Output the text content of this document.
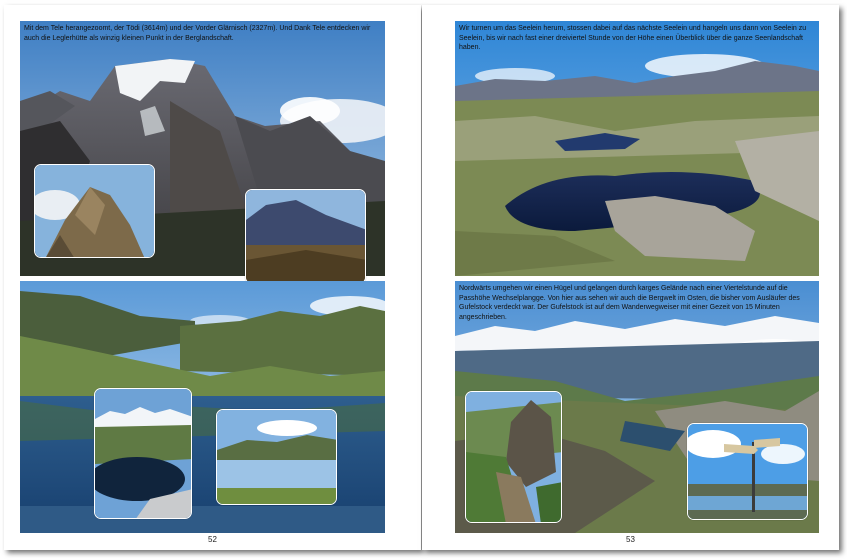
Mit dem Tele herangezoomt, der Tödi (3614m) und der Vorder Glärnisch (2327m). Und Dank Tele entdecken wir auch die Leglerhütte als winzig kleinen Punkt in der Berglandschaft.
52
Wir turnen um das Seelein herum, stossen dabei auf das nächste Seelein und hangeln uns dann von Seelein zu Seelein, bis wir nach fast einer dreiviertel Stunde von der Höhe einen Überblick über die ganze Seenlandschaft haben.
Nordwärts umgehen wir einen Hügel und gelangen durch karges Gelände nach einer Viertelstunde auf die Passhöhe Wechselplangge. Von hier aus sehen wir auch die Bergwelt im Osten, die bisher vom Ausläufer des Gufelstock verdeckt war. Der Gufelstock ist auf dem Wanderwegweiser mit einer Gezeit von 15 Minuten angeschrieben.
53
